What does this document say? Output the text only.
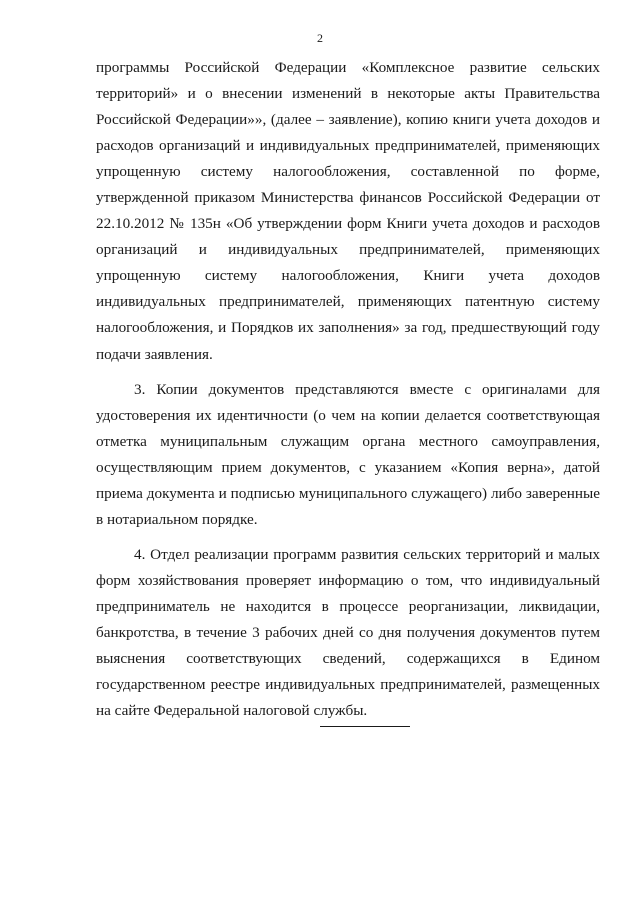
2

программы Российской Федерации «Комплексное развитие сельских территорий» и о внесении изменений в некоторые акты Правительства Российской Федерации»», (далее – заявление), копию книги учета доходов и расходов организаций и индивидуальных предпринимателей, применяющих упрощенную систему налогообложения, составленной по форме, утвержденной приказом Министерства финансов Российской Федерации от 22.10.2012 № 135н «Об утверждении форм Книги учета доходов и расходов организаций и индивидуальных предпринимателей, применяющих упрощенную систему налогообложения, Книги учета доходов индивидуальных предпринимателей, применяющих патентную систему налогообложения, и Порядков их заполнения» за год, предшествующий году подачи заявления.

3. Копии документов представляются вместе с оригиналами для удостоверения их идентичности (о чем на копии делается соответствующая отметка муниципальным служащим органа местного самоуправления, осуществляющим прием документов, с указанием «Копия верна», датой приема документа и подписью муниципального служащего) либо заверенные в нотариальном порядке.

4. Отдел реализации программ развития сельских территорий и малых форм хозяйствования проверяет информацию о том, что индивидуальный предприниматель не находится в процессе реорганизации, ликвидации, банкротства, в течение 3 рабочих дней со дня получения документов путем выяснения соответствующих сведений, содержащихся в Едином государственном реестре индивидуальных предпринимателей, размещенных на сайте Федеральной налоговой службы.
